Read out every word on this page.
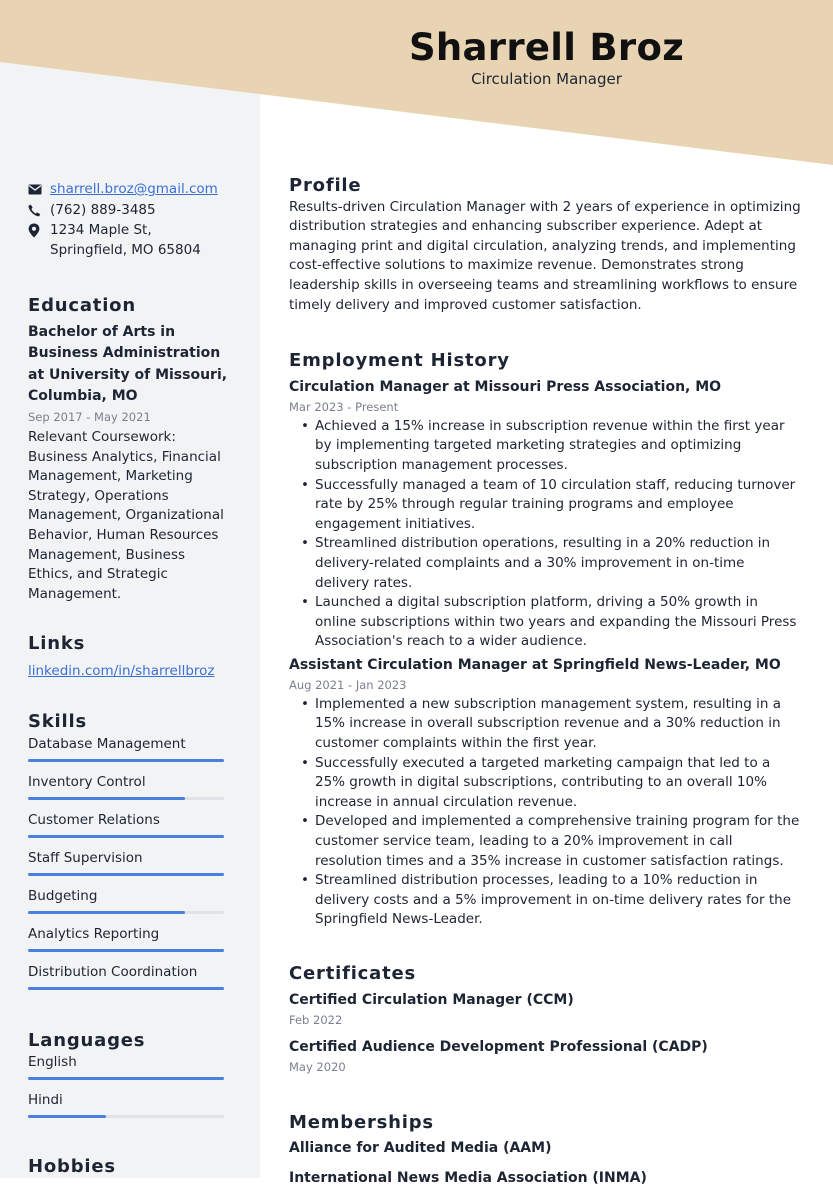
Sharrell Broz
Circulation Manager
sharrell.broz@gmail.com
(762) 889-3485
1234 Maple St, Springfield, MO 65804
Education
Bachelor of Arts in Business Administration at University of Missouri, Columbia, MO
Sep 2017 - May 2021
Relevant Coursework: Business Analytics, Financial Management, Marketing Strategy, Operations Management, Organizational Behavior, Human Resources Management, Business Ethics, and Strategic Management.
Links
linkedin.com/in/sharrellbroz
Skills
Database Management
Inventory Control
Customer Relations
Staff Supervision
Budgeting
Analytics Reporting
Distribution Coordination
Languages
English
Hindi
Hobbies
Profile
Results-driven Circulation Manager with 2 years of experience in optimizing distribution strategies and enhancing subscriber experience. Adept at managing print and digital circulation, analyzing trends, and implementing cost-effective solutions to maximize revenue. Demonstrates strong leadership skills in overseeing teams and streamlining workflows to ensure timely delivery and improved customer satisfaction.
Employment History
Circulation Manager at Missouri Press Association, MO
Mar 2023 - Present
• Achieved a 15% increase in subscription revenue within the first year by implementing targeted marketing strategies and optimizing subscription management processes.
• Successfully managed a team of 10 circulation staff, reducing turnover rate by 25% through regular training programs and employee engagement initiatives.
• Streamlined distribution operations, resulting in a 20% reduction in delivery-related complaints and a 30% improvement in on-time delivery rates.
• Launched a digital subscription platform, driving a 50% growth in online subscriptions within two years and expanding the Missouri Press Association's reach to a wider audience.
Assistant Circulation Manager at Springfield News-Leader, MO
Aug 2021 - Jan 2023
• Implemented a new subscription management system, resulting in a 15% increase in overall subscription revenue and a 30% reduction in customer complaints within the first year.
• Successfully executed a targeted marketing campaign that led to a 25% growth in digital subscriptions, contributing to an overall 10% increase in annual circulation revenue.
• Developed and implemented a comprehensive training program for the customer service team, leading to a 20% improvement in call resolution times and a 35% increase in customer satisfaction ratings.
• Streamlined distribution processes, leading to a 10% reduction in delivery costs and a 5% improvement in on-time delivery rates for the Springfield News-Leader.
Certificates
Certified Circulation Manager (CCM)
Feb 2022
Certified Audience Development Professional (CADP)
May 2020
Memberships
Alliance for Audited Media (AAM)
International News Media Association (INMA)
